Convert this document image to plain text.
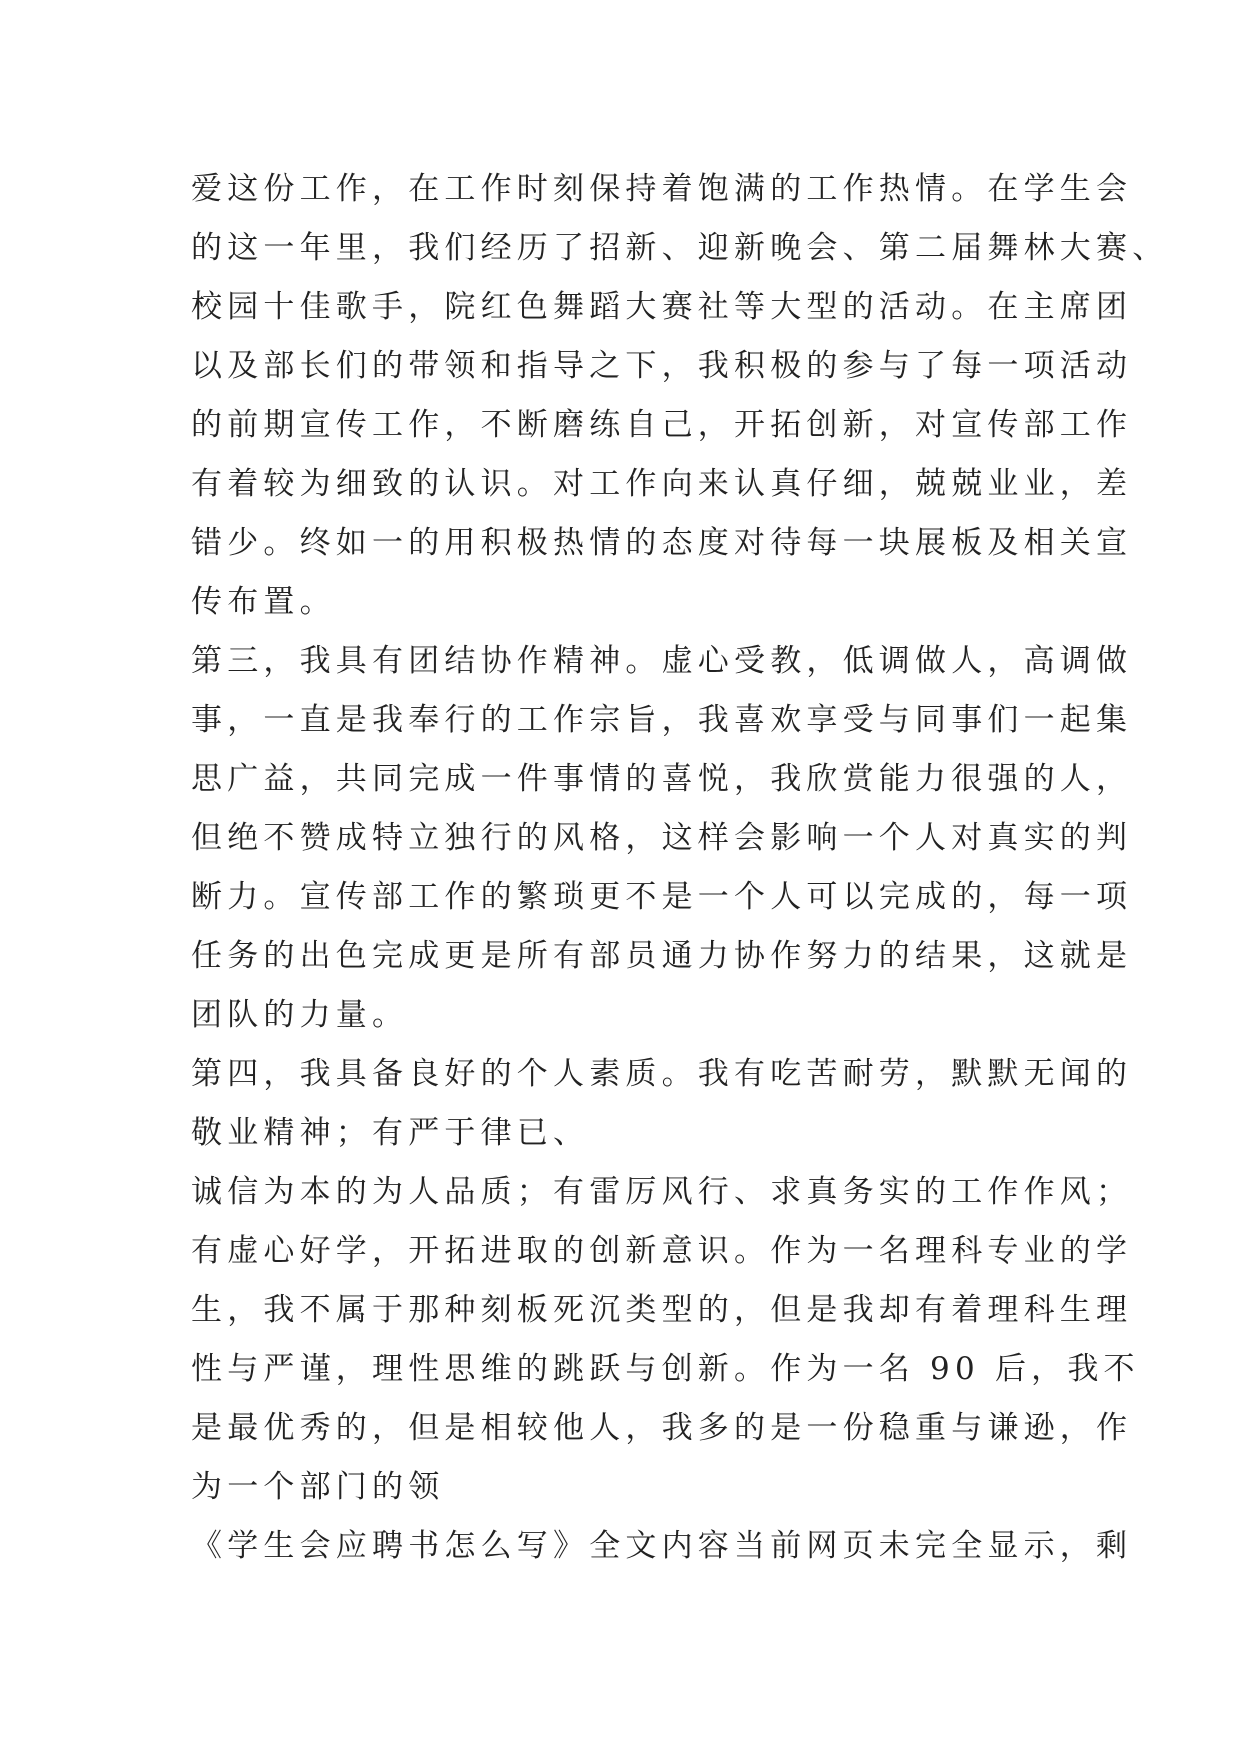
爱这份工作，在工作时刻保持着饱满的工作热情。在学生会
的这一年里，我们经历了招新、迎新晚会、第二届舞林大赛、
校园十佳歌手，院红色舞蹈大赛社等大型的活动。在主席团
以及部长们的带领和指导之下，我积极的参与了每一项活动
的前期宣传工作，不断磨练自己，开拓创新，对宣传部工作
有着较为细致的认识。对工作向来认真仔细，兢兢业业，差
错少。终如一的用积极热情的态度对待每一块展板及相关宣
传布置。
第三，我具有团结协作精神。虚心受教，低调做人，高调做
事，一直是我奉行的工作宗旨，我喜欢享受与同事们一起集
思广益，共同完成一件事情的喜悦，我欣赏能力很强的人，
但绝不赞成特立独行的风格，这样会影响一个人对真实的判
断力。宣传部工作的繁琐更不是一个人可以完成的，每一项
任务的出色完成更是所有部员通力协作努力的结果，这就是
团队的力量。
第四，我具备良好的个人素质。我有吃苦耐劳，默默无闻的
敬业精神；有严于律已、
诚信为本的为人品质；有雷厉风行、求真务实的工作作风；
有虚心好学，开拓进取的创新意识。作为一名理科专业的学
生，我不属于那种刻板死沉类型的，但是我却有着理科生理
性与严谨，理性思维的跳跃与创新。作为一名 90 后，我不
是最优秀的，但是相较他人，我多的是一份稳重与谦逊，作
为一个部门的领
《学生会应聘书怎么写》全文内容当前网页未完全显示，剩
